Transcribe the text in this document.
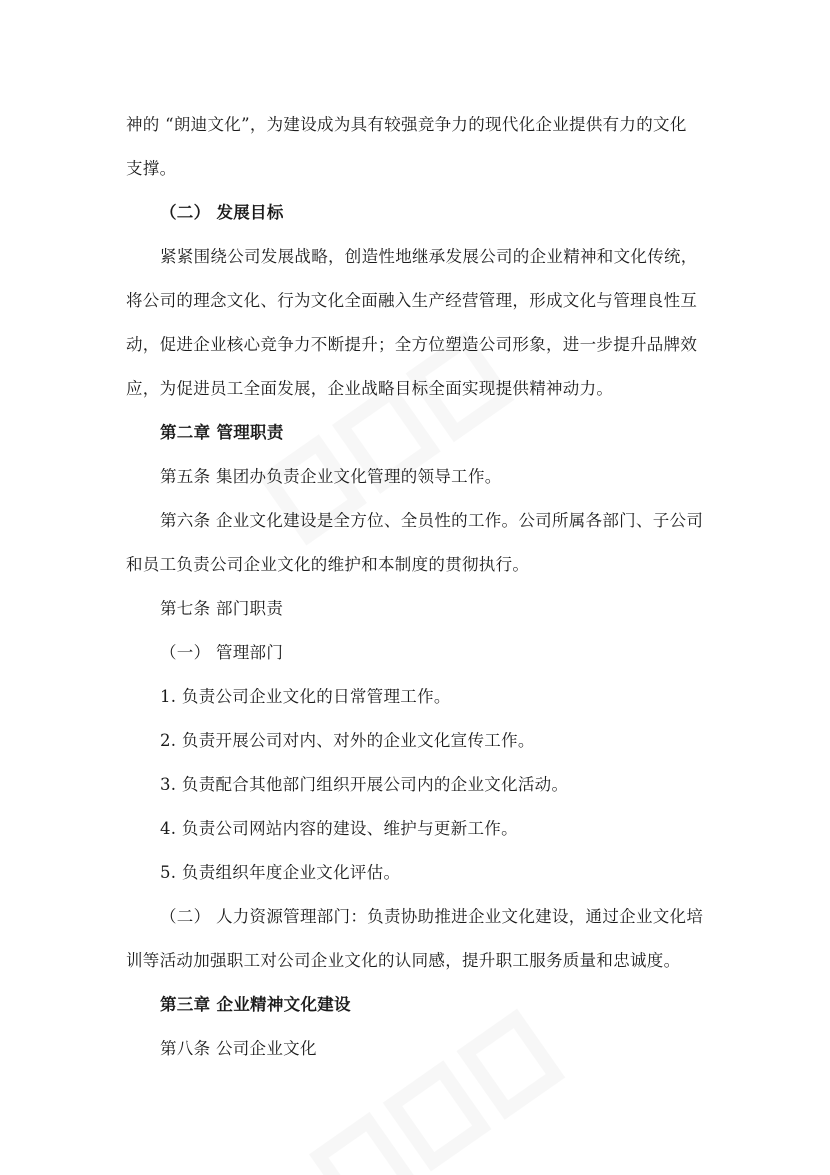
神的 “朗迪文化”，为建设成为具有较强竞争力的现代化企业提供有力的文化

支撑。

（二） 发展目标

紧紧围绕公司发展战略，创造性地继承发展公司的企业精神和文化传统，

将公司的理念文化、行为文化全面融入生产经营管理，形成文化与管理良性互

动，促进企业核心竞争力不断提升；全方位塑造公司形象，进一步提升品牌效

应，为促进员工全面发展，企业战略目标全面实现提供精神动力。

第二章 管理职责

第五条 集团办负责企业文化管理的领导工作。

第六条 企业文化建设是全方位、全员性的工作。公司所属各部门、子公司

和员工负责公司企业文化的维护和本制度的贯彻执行。

第七条 部门职责

（一） 管理部门

1. 负责公司企业文化的日常管理工作。

2. 负责开展公司对内、对外的企业文化宣传工作。

3. 负责配合其他部门组织开展公司内的企业文化活动。

4. 负责公司网站内容的建设、维护与更新工作。

5. 负责组织年度企业文化评估。

（二） 人力资源管理部门：负责协助推进企业文化建设，通过企业文化培

训等活动加强职工对公司企业文化的认同感，提升职工服务质量和忠诚度。

第三章 企业精神文化建设

第八条 公司企业文化
